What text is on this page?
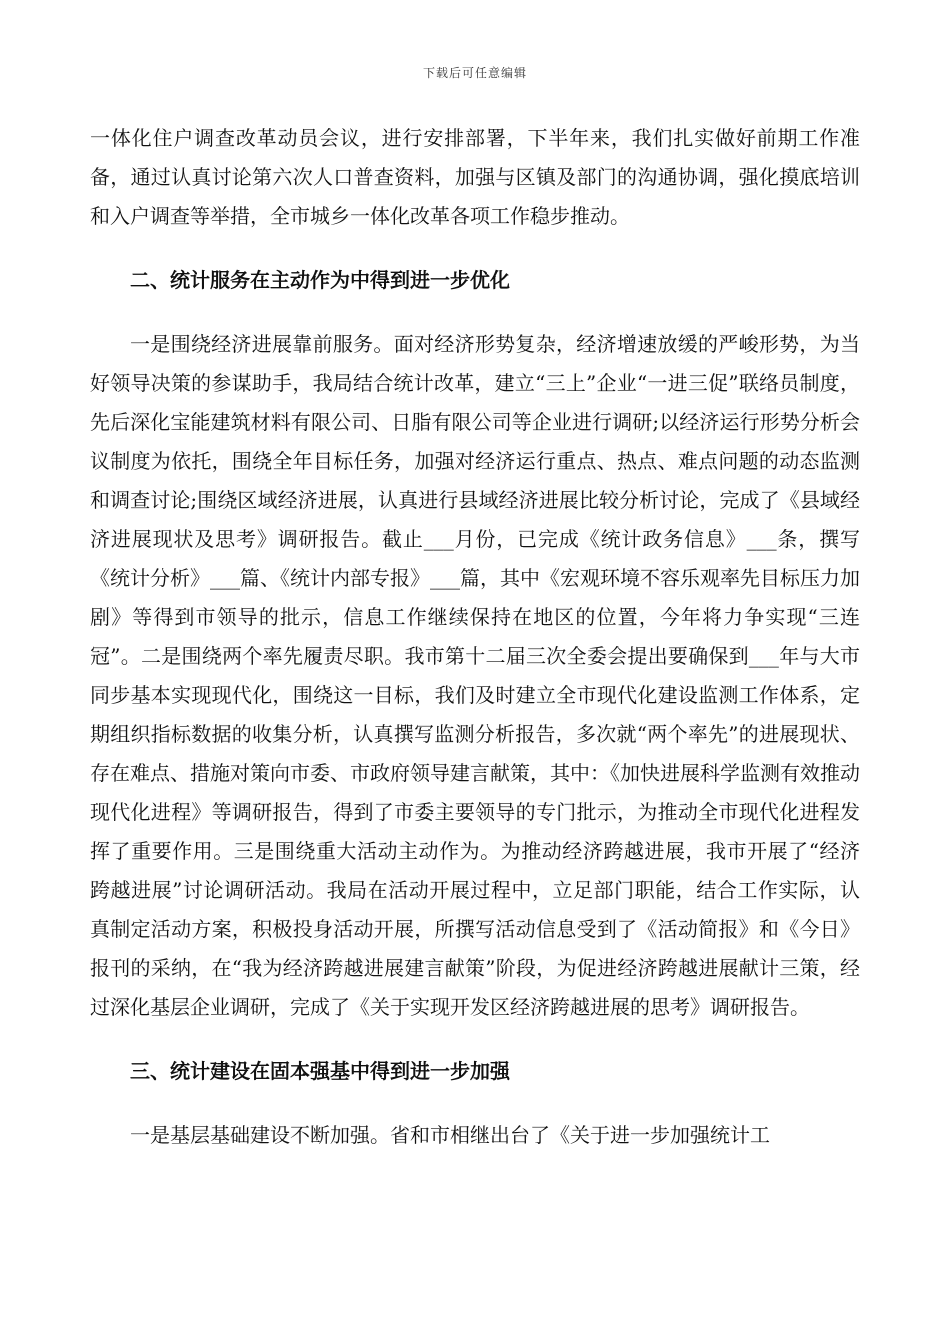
下载后可任意编辑

一体化住户调查改革动员会议，进行安排部署，下半年来，我们扎实做好前期工作准备，通过认真讨论第六次人口普查资料，加强与区镇及部门的沟通协调，强化摸底培训和入户调查等举措，全市城乡一体化改革各项工作稳步推动。

二、统计服务在主动作为中得到进一步优化

一是围绕经济进展靠前服务。面对经济形势复杂，经济增速放缓的严峻形势，为当好领导决策的参谋助手，我局结合统计改革，建立“三上”企业“一进三促”联络员制度，先后深化宝能建筑材料有限公司、日脂有限公司等企业进行调研;以经济运行形势分析会议制度为依托，围绕全年目标任务，加强对经济运行重点、热点、难点问题的动态监测和调查讨论;围绕区域经济进展，认真进行县域经济进展比较分析讨论，完成了《县域经济进展现状及思考》调研报告。截止___月份，已完成《统计政务信息》___条，撰写《统计分析》___篇、《统计内部专报》___篇，其中《宏观环境不容乐观率先目标压力加剧》等得到市领导的批示，信息工作继续保持在地区的位置，今年将力争实现“三连冠”。二是围绕两个率先履责尽职。我市第十二届三次全委会提出要确保到___年与大市同步基本实现现代化，围绕这一目标，我们及时建立全市现代化建设监测工作体系，定期组织指标数据的收集分析，认真撰写监测分析报告，多次就“两个率先”的进展现状、存在难点、措施对策向市委、市政府领导建言献策，其中：《加快进展科学监测有效推动现代化进程》等调研报告，得到了市委主要领导的专门批示，为推动全市现代化进程发挥了重要作用。三是围绕重大活动主动作为。为推动经济跨越进展，我市开展了“经济跨越进展”讨论调研活动。我局在活动开展过程中，立足部门职能，结合工作实际，认真制定活动方案，积极投身活动开展，所撰写活动信息受到了《活动简报》和《今日》报刊的采纳，在“我为经济跨越进展建言献策”阶段，为促进经济跨越进展献计三策，经过深化基层企业调研，完成了《关于实现开发区经济跨越进展的思考》调研报告。

三、统计建设在固本强基中得到进一步加强

一是基层基础建设不断加强。省和市相继出台了《关于进一步加强统计工
